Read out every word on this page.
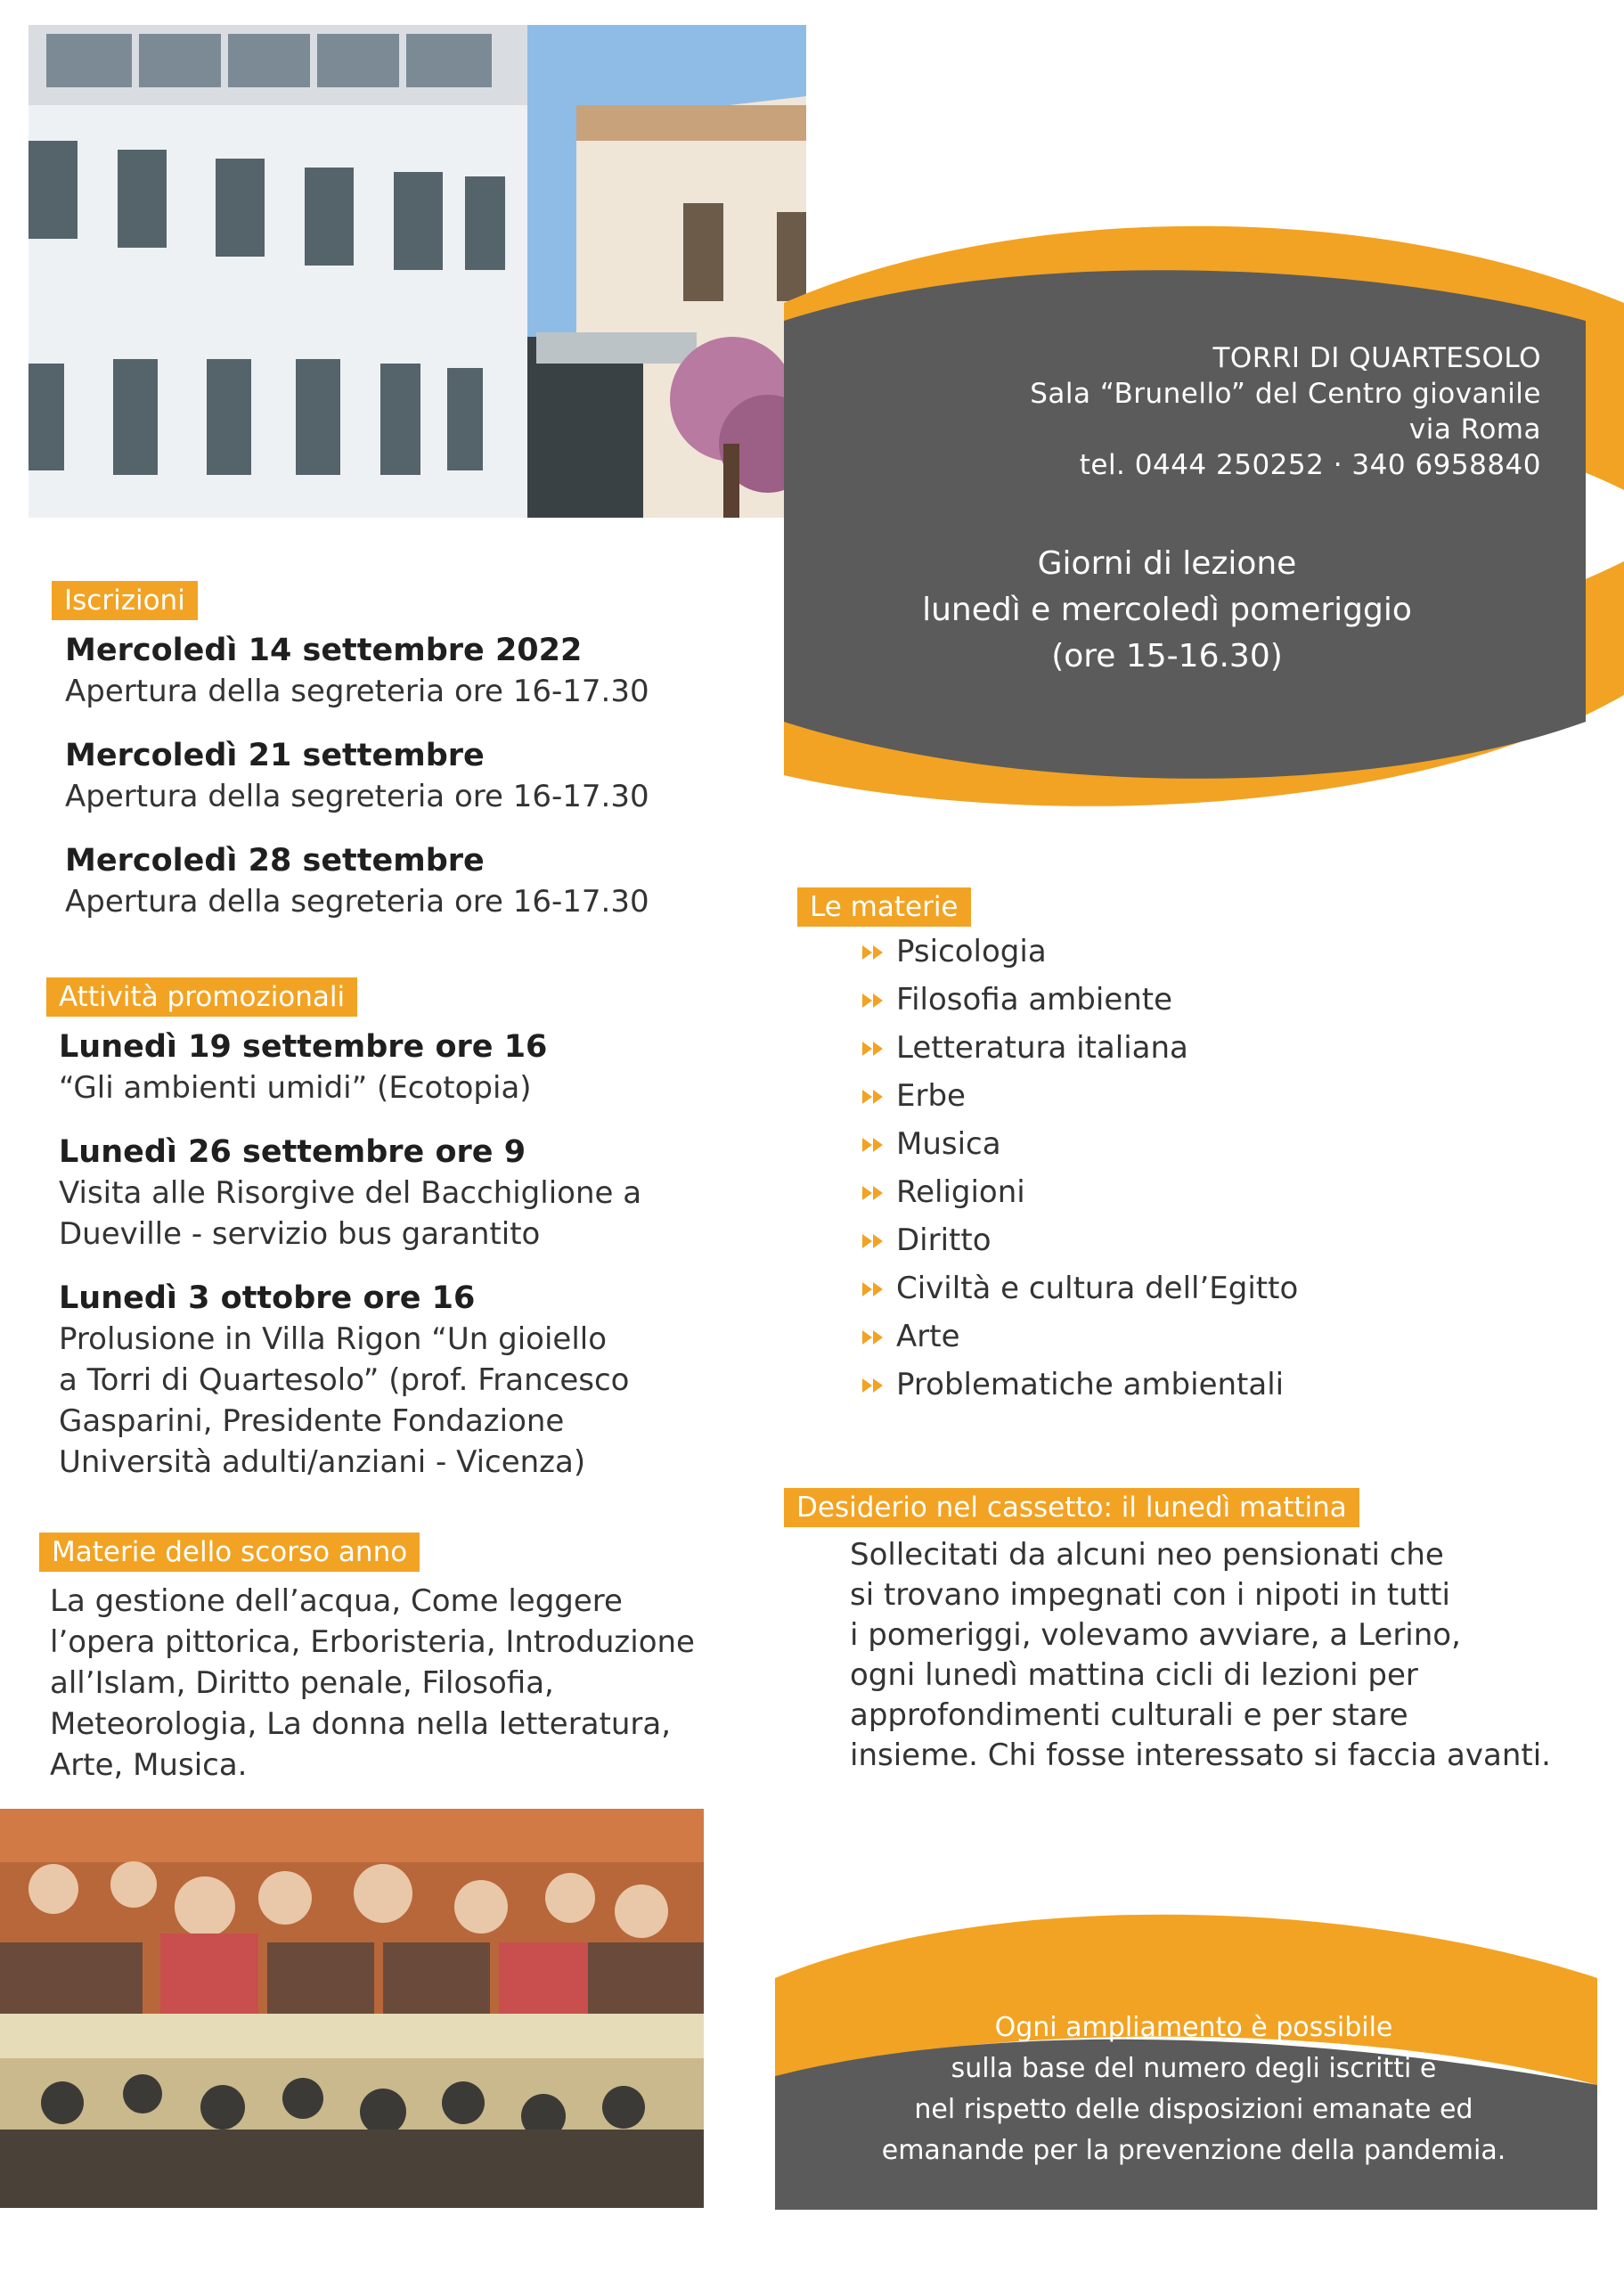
TORRI DI QUARTESOLO
Sala “Brunello” del Centro giovanile
via Roma
tel. 0444 250252 · 340 6958840
Giorni di lezione
lunedì e mercoledì pomeriggio
(ore 15-16.30)
Iscrizioni
Mercoledì 14 settembre 2022
Apertura della segreteria ore 16-17.30
Mercoledì 21 settembre
Apertura della segreteria ore 16-17.30
Mercoledì 28 settembre
Apertura della segreteria ore 16-17.30
Attività promozionali
Lunedì 19 settembre ore 16
“Gli ambienti umidi” (Ecotopia)
Lunedì 26 settembre ore 9
Visita alle Risorgive del Bacchiglione a
Dueville - servizio bus garantito
Lunedì 3 ottobre ore 16
Prolusione in Villa Rigon “Un gioiello
a Torri di Quartesolo” (prof. Francesco
Gasparini, Presidente Fondazione
Università adulti/anziani - Vicenza)
Materie dello scorso anno
La gestione dell’acqua, Come leggere
l’opera pittorica, Erboristeria, Introduzione
all’Islam, Diritto penale, Filosofia,
Meteorologia, La donna nella letteratura,
Arte, Musica.
Le materie
Psicologia
Filosofia ambiente
Letteratura italiana
Erbe
Musica
Religioni
Diritto
Civiltà e cultura dell’Egitto
Arte
Problematiche ambientali
Desiderio nel cassetto: il lunedì mattina
Sollecitati da alcuni neo pensionati che
si trovano impegnati con i nipoti in tutti
i pomeriggi, volevamo avviare, a Lerino,
ogni lunedì mattina cicli di lezioni per
approfondimenti culturali e per stare
insieme. Chi fosse interessato si faccia avanti.
Ogni ampliamento è possibile
sulla base del numero degli iscritti e
nel rispetto delle disposizioni emanate ed
emanande per la prevenzione della pandemia.
